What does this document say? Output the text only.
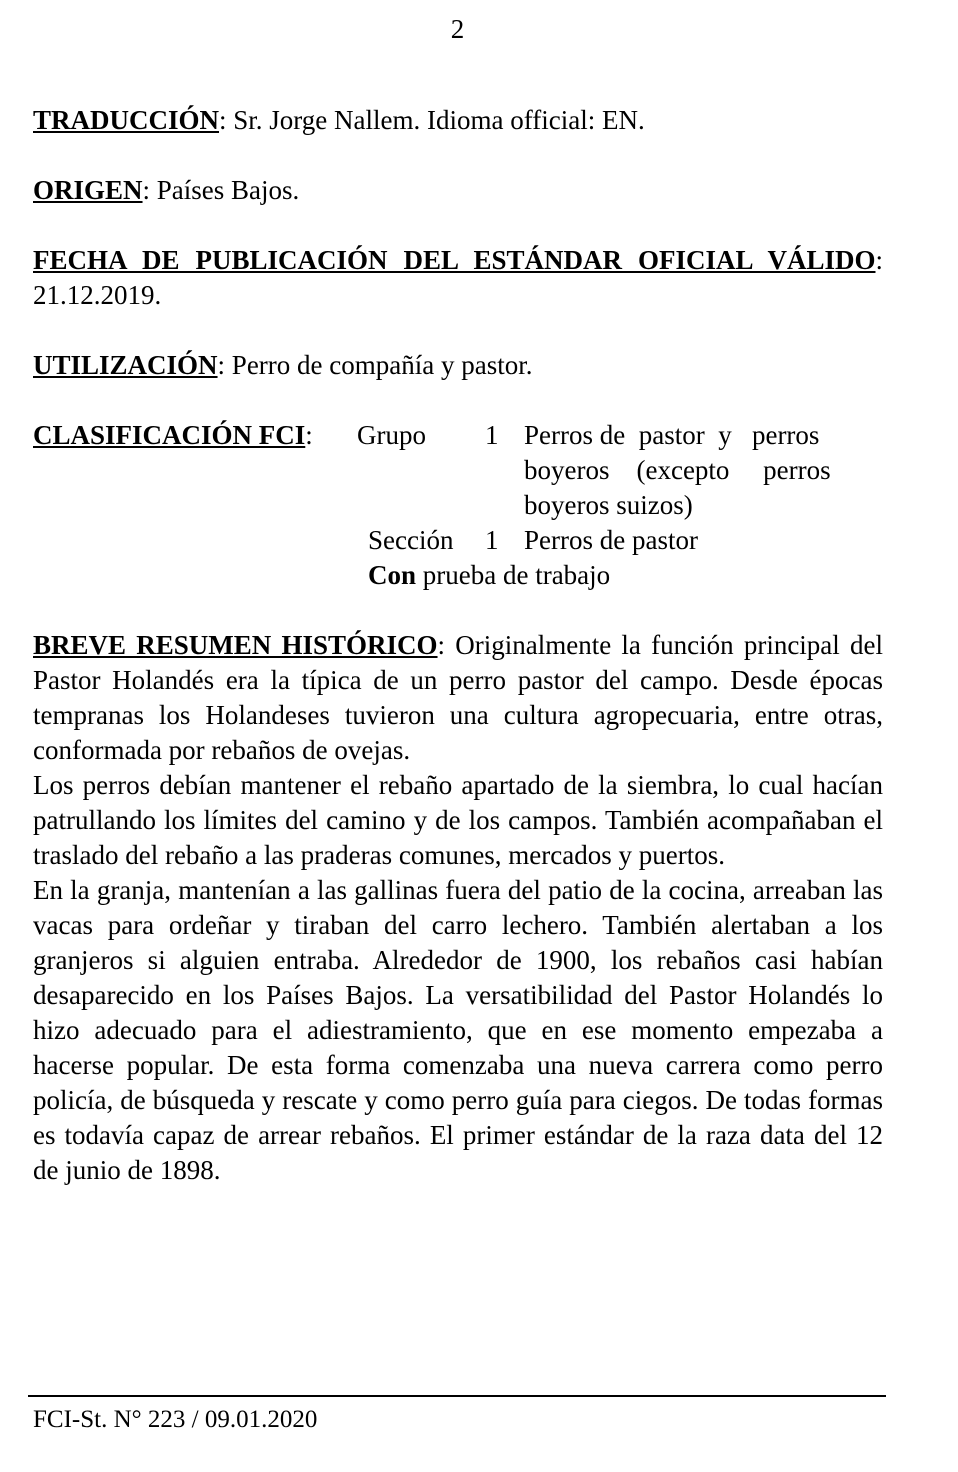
2

TRADUCCIÓN: Sr. Jorge Nallem. Idioma official: EN.

ORIGEN: Países Bajos.

FECHA DE PUBLICACIÓN DEL ESTÁNDAR OFICIAL VÁLIDO: 21.12.2019.

UTILIZACIÓN: Perro de compañía y pastor.

CLASIFICACIÓN FCI: Grupo 1 Perros de  pastor  y   perros
boyeros    (excepto     perros
boyeros suizos)
Sección 1 Perros de pastor
Con prueba de trabajo

BREVE RESUMEN HISTÓRICO: Originalmente la función principal del Pastor Holandés era la típica de un perro pastor del campo. Desde épocas tempranas los Holandeses tuvieron una cultura agropecuaria, entre otras, conformada por rebaños de ovejas.

Los perros debían mantener el rebaño apartado de la siembra, lo cual hacían patrullando los límites del camino y de los campos. También acompañaban el traslado del rebaño a las praderas comunes, mercados y puertos.

En la granja, mantenían a las gallinas fuera del patio de la cocina, arreaban las vacas para ordeñar y tiraban del carro lechero. También alertaban a los granjeros si alguien entraba. Alrededor de 1900, los rebaños casi habían desaparecido en los Países Bajos. La versatibilidad del Pastor Holandés lo hizo adecuado para el adiestramiento, que en ese momento empezaba a hacerse popular. De esta forma comenzaba una nueva carrera como perro policía, de búsqueda y rescate y como perro guía para ciegos. De todas formas es todavía capaz de arrear rebaños. El primer estándar de la raza data del 12 de junio de 1898.

FCI-St. N° 223 / 09.01.2020
